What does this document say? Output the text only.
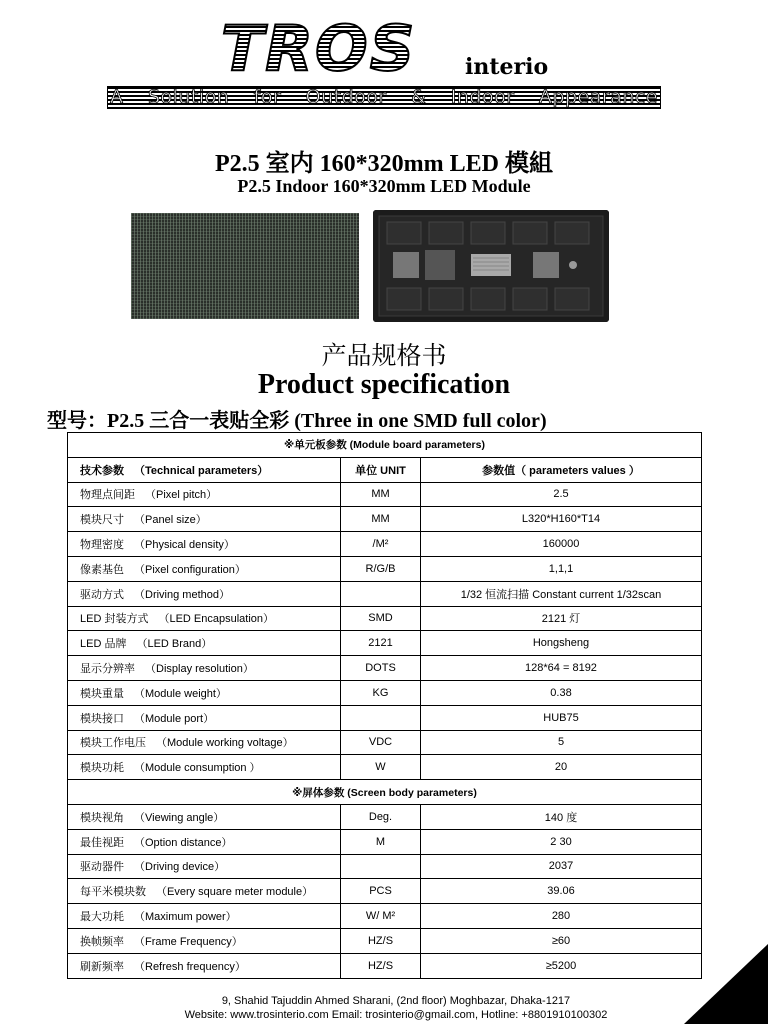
TROS interio
A Solution for Outdoor & Indoor Appearance
P2.5 室内 160*320mm LED 模組
P2.5 Indoor 160*320mm LED Module
产品规格书
Product specification
型号：P2.5 三合一表贴全彩 (Three in one SMD full color)
※单元板参数 (Module board parameters)		
技术参数 （Technical parameters）	单位 UNIT	参数值（ parameters values ）
物理点间距 （Pixel pitch）	MM	2.5
模块尺寸 （Panel size）	MM	L320*H160*T14
物理密度 （Physical density）	/M²	160000
像素基色 （Pixel configuration）	R/G/B	1,1,1
驱动方式 （Driving method）		1/32 恒流扫描 Constant current 1/32scan
LED 封装方式 （LED Encapsulation）	SMD	2121 灯
LED 品牌 （LED Brand）	2121	Hongsheng
显示分辨率 （Display resolution）	DOTS	128*64 = 8192
模块重量 （Module weight）	KG	0.38
模块接口 （Module port）		HUB75
模块工作电压 （Module working voltage）	VDC	5
模块功耗 （Module consumption ）	W	20
※屏体参数 (Screen body parameters)		
模块视角 （Viewing angle）	Deg.	140 度
最佳视距 （Option distance）	M	2 30
驱动器件 （Driving device）		2037
每平米模块数 （Every square meter module）	PCS	39.06
最大功耗 （Maximum power）	W/ M²	280
换帧频率 （Frame Frequency）	HZ/S	≥60
刷新频率 （Refresh frequency）	HZ/S	≥5200
9, Shahid Tajuddin Ahmed Sharani, (2nd floor) Moghbazar, Dhaka-1217
Website: www.trosinterio.com Email: trosinterio@gmail.com, Hotline: +8801910100302
